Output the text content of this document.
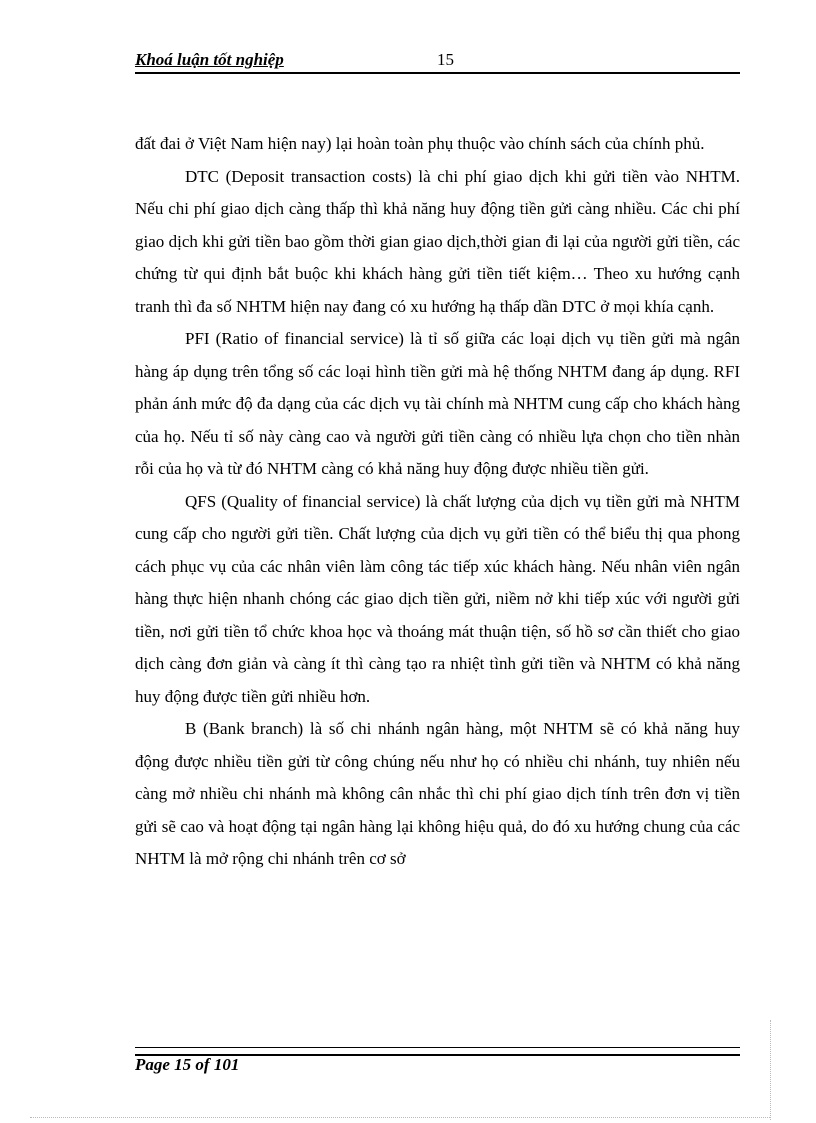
Khoá luận tốt nghiệp	15

đất đai ở Việt Nam hiện nay) lại hoàn toàn phụ thuộc vào chính sách của chính phủ.

DTC (Deposit transaction costs) là chi phí giao dịch khi gửi tiền vào NHTM. Nếu chi phí giao dịch càng thấp thì khả năng huy động tiền gửi càng nhiều. Các chi phí giao dịch khi gửi tiền bao gồm thời gian giao dịch,thời gian đi lại của người gửi tiền, các chứng từ qui định bắt buộc khi khách hàng gửi tiền tiết kiệm… Theo xu hướng cạnh tranh thì đa số NHTM hiện nay đang có xu hướng hạ thấp dần DTC ở mọi khía cạnh.

PFI (Ratio of financial service) là tỉ số giữa các loại dịch vụ tiền gửi mà ngân hàng áp dụng trên tổng số các loại hình tiền gửi mà hệ thống NHTM đang áp dụng. RFI phản ánh mức độ đa dạng của các dịch vụ tài chính mà NHTM cung cấp cho khách hàng của họ. Nếu tỉ số này càng cao và người gửi tiền càng có nhiều lựa chọn cho tiền nhàn rỗi của họ và từ đó NHTM càng có khả năng huy động được nhiều tiền gửi.

QFS (Quality of financial service) là chất lượng của dịch vụ tiền gửi mà NHTM cung cấp cho người gửi tiền. Chất lượng của dịch vụ gửi tiền có thể biểu thị qua phong cách phục vụ của các nhân viên làm công tác tiếp xúc khách hàng. Nếu nhân viên ngân hàng thực hiện nhanh chóng các giao dịch tiền gửi, niềm nở khi tiếp xúc với người gửi tiền, nơi gửi tiền tổ chức khoa học và thoáng mát thuận tiện, số hồ sơ cần thiết cho giao dịch càng đơn giản và càng ít thì càng tạo ra nhiệt tình gửi tiền và NHTM có khả năng huy động được tiền gửi nhiều hơn.

B (Bank branch) là số chi nhánh ngân hàng, một NHTM sẽ có khả năng huy động được nhiều tiền gửi từ công chúng nếu như họ có nhiều chi nhánh, tuy nhiên nếu càng mở nhiều chi nhánh mà không cân nhắc thì chi phí giao dịch tính trên đơn vị tiền gửi sẽ cao và hoạt động tại ngân hàng lại không hiệu quả, do đó xu hướng chung của các NHTM là mở rộng chi nhánh trên cơ sở

Page 15 of 101
